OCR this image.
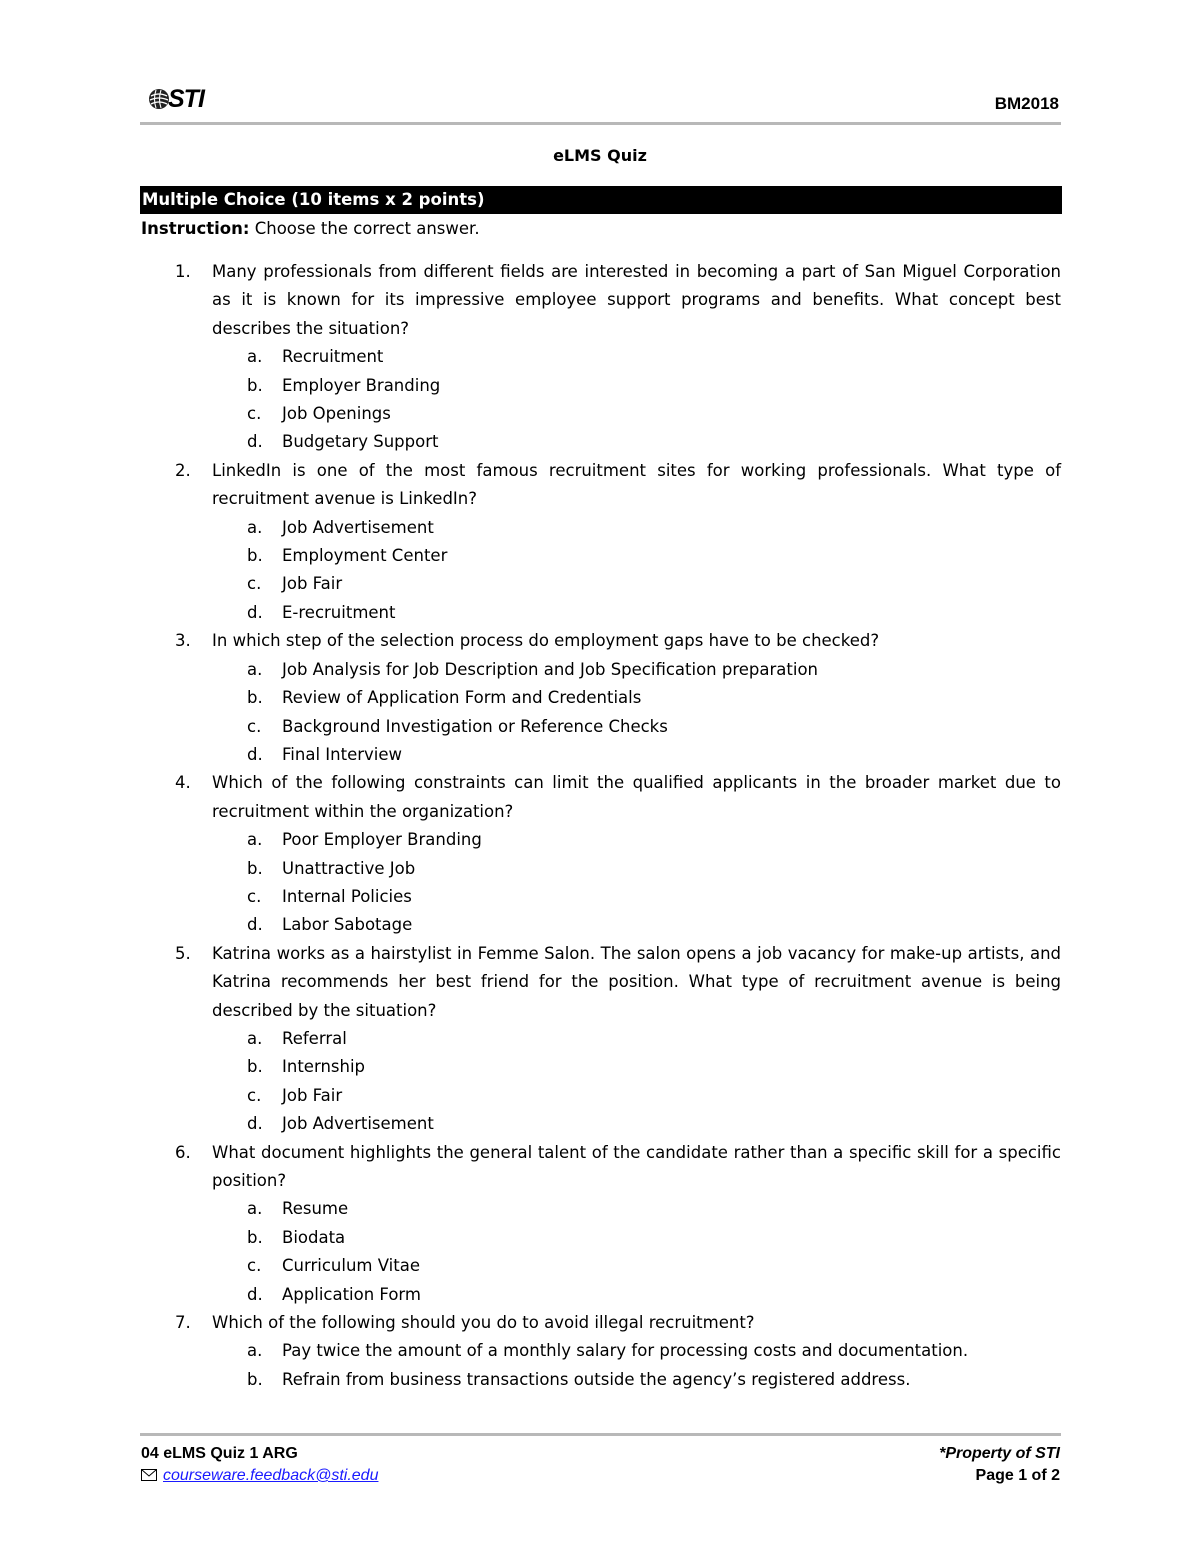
STI	BM2018
eLMS Quiz
Multiple Choice (10 items x 2 points)
Instruction: Choose the correct answer.
1.	Many professionals from different fields are interested in becoming a part of San Miguel Corporation as it is known for its impressive employee support programs and benefits. What concept best describes the situation?
a.	Recruitment
b.	Employer Branding
c.	Job Openings
d.	Budgetary Support
2.	LinkedIn is one of the most famous recruitment sites for working professionals. What type of recruitment avenue is LinkedIn?
a.	Job Advertisement
b.	Employment Center
c.	Job Fair
d.	E-recruitment
3.	In which step of the selection process do employment gaps have to be checked?
a.	Job Analysis for Job Description and Job Specification preparation
b.	Review of Application Form and Credentials
c.	Background Investigation or Reference Checks
d.	Final Interview
4.	Which of the following constraints can limit the qualified applicants in the broader market due to recruitment within the organization?
a.	Poor Employer Branding
b.	Unattractive Job
c.	Internal Policies
d.	Labor Sabotage
5.	Katrina works as a hairstylist in Femme Salon. The salon opens a job vacancy for make-up artists, and Katrina recommends her best friend for the position. What type of recruitment avenue is being described by the situation?
a.	Referral
b.	Internship
c.	Job Fair
d.	Job Advertisement
6.	What document highlights the general talent of the candidate rather than a specific skill for a specific position?
a.	Resume
b.	Biodata
c.	Curriculum Vitae
d.	Application Form
7.	Which of the following should you do to avoid illegal recruitment?
a.	Pay twice the amount of a monthly salary for processing costs and documentation.
b.	Refrain from business transactions outside the agency’s registered address.
04 eLMS Quiz 1 ARG
courseware.feedback@sti.edu
*Property of STI
Page 1 of 2
